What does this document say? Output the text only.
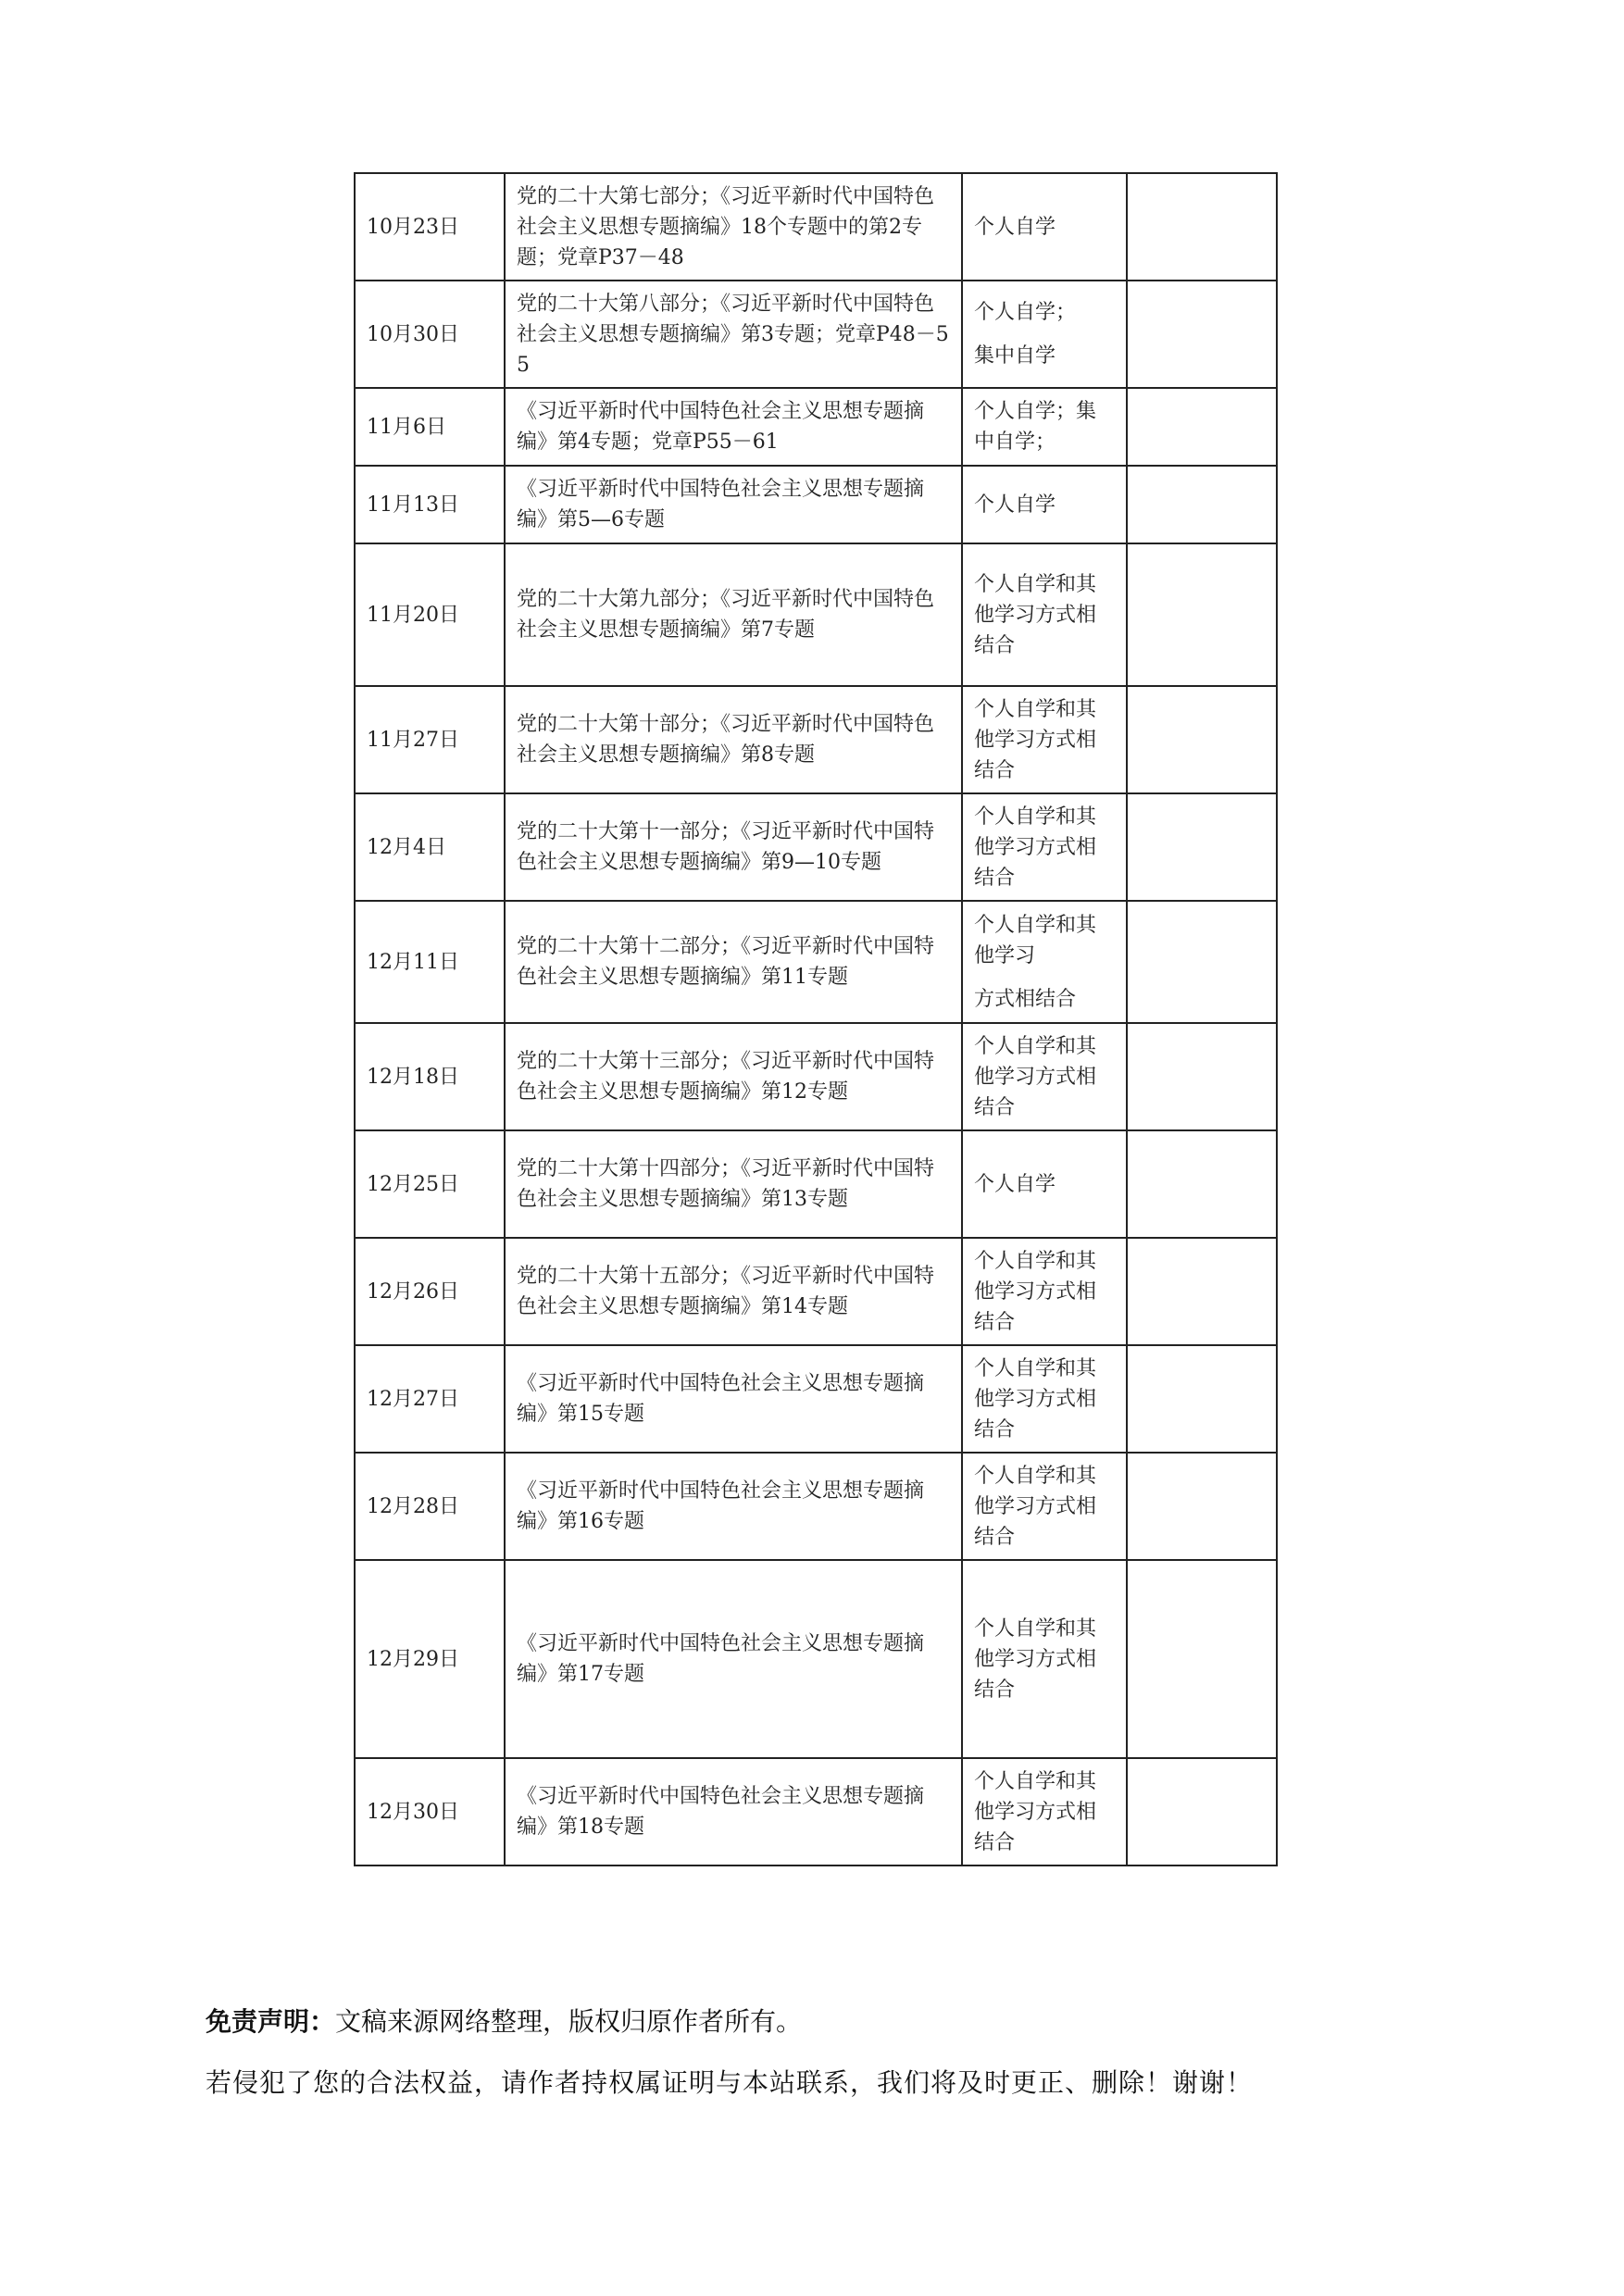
10月23日	党的二十大第七部分；《习近平新时代中国特色社会主义思想专题摘编》18个专题中的第2专题；党章P37－48	个人自学	
10月30日	党的二十大第八部分；《习近平新时代中国特色社会主义思想专题摘编》第3专题；党章P48－55	个人自学；
集中自学	

11月6日	《习近平新时代中国特色社会主义思想专题摘编》第4专题；党章P55－61	个人自学；集中自学；	
11月13日	《习近平新时代中国特色社会主义思想专题摘编》第5—6专题	个人自学	
11月20日	党的二十大第九部分；《习近平新时代中国特色社会主义思想专题摘编》第7专题	个人自学和其他学习方式相结合	
11月27日	党的二十大第十部分；《习近平新时代中国特色社会主义思想专题摘编》第8专题	个人自学和其他学习方式相结合	
12月4日	党的二十大第十一部分；《习近平新时代中国特色社会主义思想专题摘编》第9—10专题	个人自学和其他学习方式相结合	
12月11日	党的二十大第十二部分；《习近平新时代中国特色社会主义思想专题摘编》第11专题	个人自学和其他学习
方式相结合	

12月18日	党的二十大第十三部分；《习近平新时代中国特色社会主义思想专题摘编》第12专题	个人自学和其他学习方式相结合	
12月25日	党的二十大第十四部分；《习近平新时代中国特色社会主义思想专题摘编》第13专题	个人自学	
12月26日	党的二十大第十五部分；《习近平新时代中国特色社会主义思想专题摘编》第14专题	个人自学和其他学习方式相结合	
12月27日	《习近平新时代中国特色社会主义思想专题摘编》第15专题	个人自学和其他学习方式相结合	
12月28日	《习近平新时代中国特色社会主义思想专题摘编》第16专题	个人自学和其他学习方式相结合	
12月29日	《习近平新时代中国特色社会主义思想专题摘编》第17专题	个人自学和其他学习方式相结合	
12月30日	《习近平新时代中国特色社会主义思想专题摘编》第18专题	个人自学和其他学习方式相结合	
免责声明：文稿来源网络整理，版权归原作者所有。
若侵犯了您的合法权益，请作者持权属证明与本站联系，我们将及时更正、删除！谢谢！
